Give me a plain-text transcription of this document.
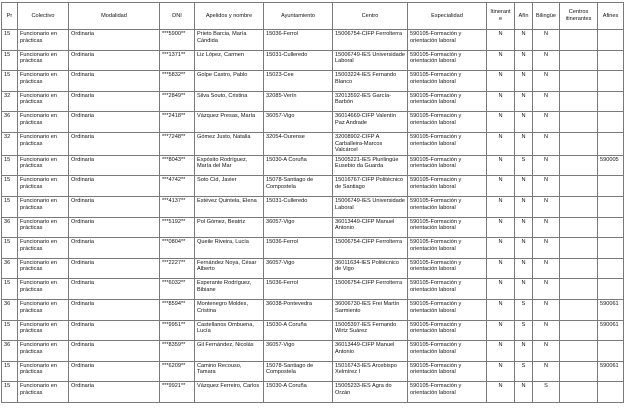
Pr	Colectivo	Modalidad	DNI	Apelidos y nombre	Ayuntamiento	Centro	Especialidad	Itinerante	Afín	Bilingüe	Centros itinerantes	Afines
15	Funcionario en prácticas	Ordinaria	***5900**	Prieto Barcia, María Cándida	15036-Ferrol	15006754-CIFP Ferrolterra	590105-Formación y orientación laboral	N	N	N		
15	Funcionario en prácticas	Ordinaria	***1371**	Liz López, Carmen	15031-Culleredo	15006749-IES Universidade Laboral	590105-Formación y orientación laboral	N	N	N		
15	Funcionario en prácticas	Ordinaria	***5832**	Golpe Castro, Pablo	15023-Cee	15003224-IES Fernando Blanco	590105-Formación y orientación laboral	N	N	N		
32	Funcionario en prácticas	Ordinaria	***2849**	Silva Souto, Cristina	32085-Verín	32013592-IES García-Barbón	590105-Formación y orientación laboral	N	N	N		
36	Funcionario en prácticas	Ordinaria	***2418**	Vázquez Presas, María	36057-Vigo	36014669-CIFP Valentín Paz Andrade	590105-Formación y orientación laboral	N	N	N		
32	Funcionario en prácticas	Ordinaria	***7248**	Gómez Justo, Natalia	32054-Ourense	32008902-CIFP A Carballeira-Marcos Valcárcel	590105-Formación y orientación laboral	N	N	N		
15	Funcionario en prácticas	Ordinaria	***8043**	Expósito Rodríguez, María del Mar	15030-A Coruña	15005221-IES Plurilingüe Eusebio da Guarda	590105-Formación y orientación laboral	N	S	N		590005
15	Funcionario en prácticas	Ordinaria	***4742**	Soto Cid, Javier	15078-Santiago de Compostela	15016767-CIFP Politécnico de Santiago	590105-Formación y orientación laboral	N	N	N		
15	Funcionario en prácticas	Ordinaria	***4137**	Estévez Quintela, Elena	15031-Culleredo	15006749-IES Universidade Laboral	590105-Formación y orientación laboral	N	N	N		
36	Funcionario en prácticas	Ordinaria	***5192**	Pol Gómez, Beatriz	36057-Vigo	36013449-CIFP Manuel Antonio	590105-Formación y orientación laboral	N	N	N		
15	Funcionario en prácticas	Ordinaria	***0804**	Queile Riveira, Lucía	15036-Ferrol	15006754-CIFP Ferrolterra	590105-Formación y orientación laboral	N	N	N		
36	Funcionario en prácticas	Ordinaria	***2227**	Fernández Noya, César Alberto	36057-Vigo	36011634-IES Politécnico de Vigo	590105-Formación y orientación laboral	N	N	N		
15	Funcionario en prácticas	Ordinaria	***6032**	Esperante Rodríguez, Bibiane	15036-Ferrol	15006754-CIFP Ferrolterra	590105-Formación y orientación laboral	N	N	N		
36	Funcionario en prácticas	Ordinaria	***8594**	Montenegro Moldes, Cristina	36038-Pontevedra	36006730-IES Frei Martín Sarmiento	590105-Formación y orientación laboral	N	S	N		590061
15	Funcionario en prácticas	Ordinaria	***9951**	Castellanos Ombuena, Lucía	15030-A Coruña	15005397-IES Fernando Wirtz Suárez	590105-Formación y orientación laboral	N	S	N		590061
36	Funcionario en prácticas	Ordinaria	***8359**	Gil Fernández, Nicolás	36057-Vigo	36013449-CIFP Manuel Antonio	590105-Formación y orientación laboral	N	N	N		
15	Funcionario en prácticas	Ordinaria	***6209**	Camino Recouso, Tamara	15078-Santiago de Compostela	15016743-IES Arcebispo Xelmírez I	590105-Formación y orientación laboral	N	S	N		590061
15	Funcionario en prácticas	Ordinaria	***9921**	Vázquez Ferreiro, Carlos	15030-A Coruña	15005233-IES Agra do Orzán	590105-Formación y orientación laboral	N	N	S		
